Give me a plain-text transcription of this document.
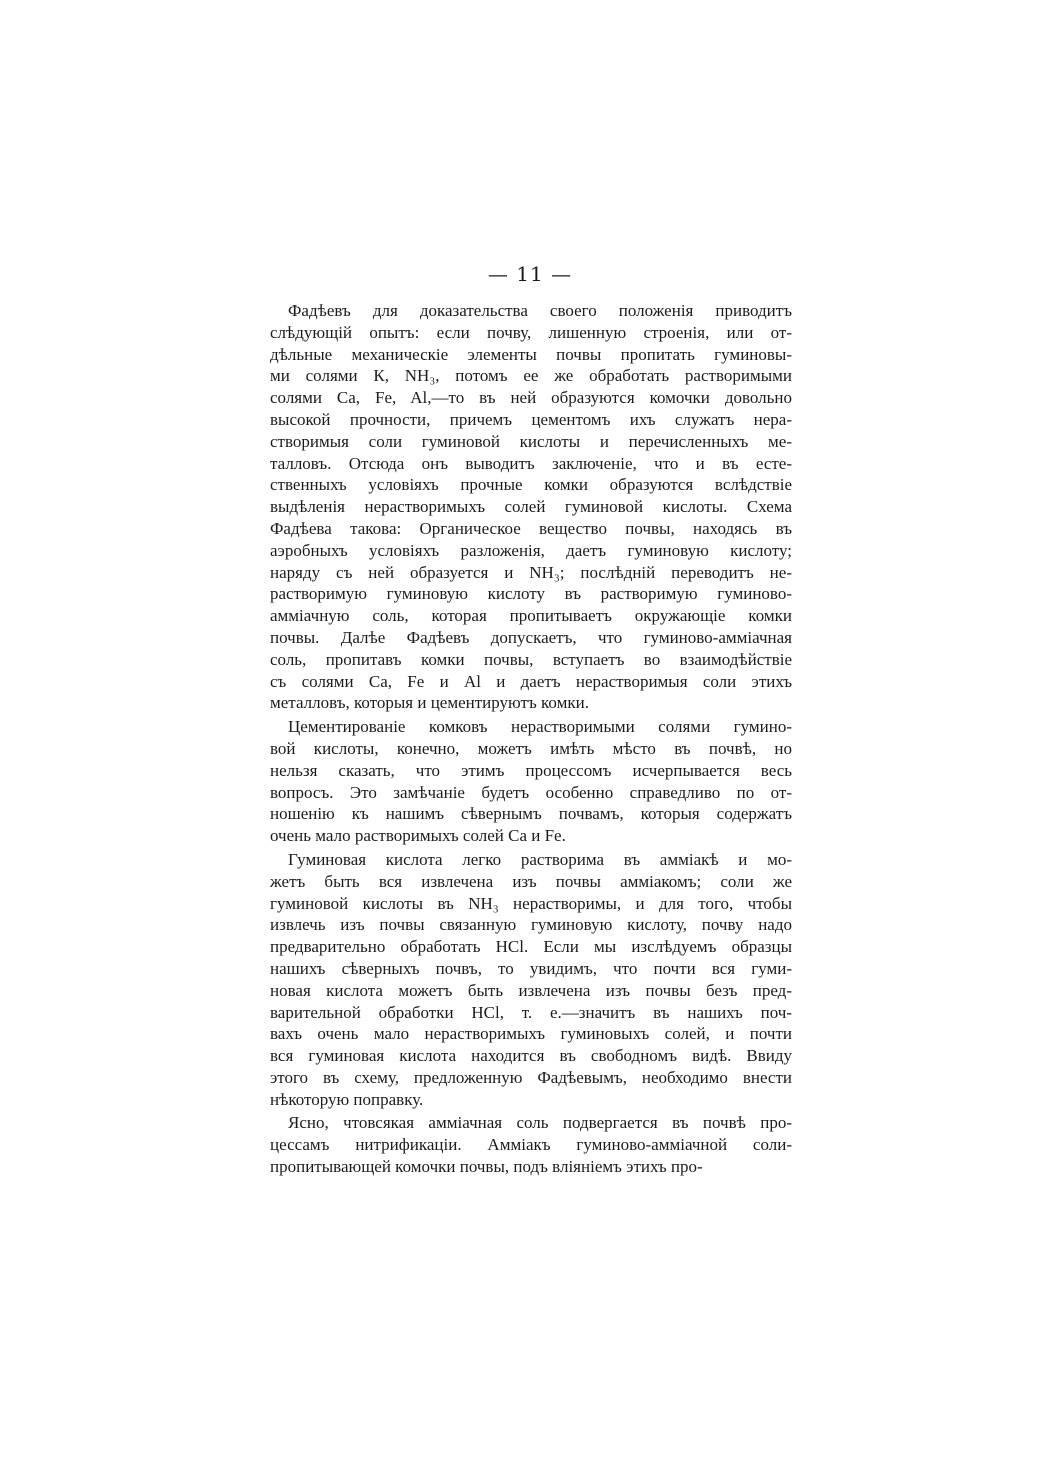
— 11 —
Фадѣевъ для доказательства своего положенія приводитъ
слѣдующій опытъ: если почву, лишенную строенія, или от-
дѣльные механическіе элементы почвы пропитать гуминовы-
ми солями К, NH₃, потомъ ее же обработать растворимыми
солями Са, Fe, Al,—то въ ней образуются комочки довольно
высокой прочности, причемъ цементомъ ихъ служатъ нера-
створимыя соли гуминовой кислоты и перечисленныхъ ме-
талловъ. Отсюда онъ выводитъ заключеніе, что и въ есте-
ственныхъ условіяхъ прочные комки образуются вслѣдствіе
выдѣленія нерастворимыхъ солей гуминовой кислоты. Схема
Фадѣева такова: Органическое вещество почвы, находясь въ
аэробныхъ условіяхъ разложенія, даетъ гуминовую кислоту;
наряду съ ней образуется и NH₃; послѣдній переводитъ не-
растворимую гуминовую кислоту въ растворимую гуминово-
аммiачную соль, которая пропитываетъ окружающіе комки
почвы. Далѣе Фадѣевъ допускаетъ, что гуминово-аммiачная
соль, пропитавъ комки почвы, вступаетъ во взаимодѣйствіе
съ солями Са, Fe и Al и даетъ нерастворимыя соли этихъ
металловъ, которыя и цементируютъ комки.
Цементированіе комковъ нерастворимыми солями гумино-
вой кислоты, конечно, можетъ имѣть мѣсто въ почвѣ, но
нельзя сказать, что этимъ процессомъ исчерпывается весь
вопросъ. Это замѣчаніе будетъ особенно справедливо по от-
ношенію къ нашимъ сѣвернымъ почвамъ, которыя содержатъ
очень мало растворимыхъ солей Са и Fe.
Гуминовая кислота легко растворима въ амміакѣ и мо-
жетъ быть вся извлечена изъ почвы амміакомъ; соли же
гуминовой кислоты въ NH₃ нерастворимы, и для того, чтобы
извлечь изъ почвы связанную гуминовую кислоту, почву надо
предварительно обработать HCl. Если мы изслѣдуемъ образцы
нашихъ сѣверныхъ почвъ, то увидимъ, что почти вся гуми-
новая кислота можетъ быть извлечена изъ почвы безъ пред-
варительной обработки HCl, т. е.—значитъ въ нашихъ поч-
вахъ очень мало нерастворимыхъ гуминовыхъ солей, и почти
вся гуминовая кислота находится въ свободномъ видѣ. Ввиду
этого въ схему, предложенную Фадѣевымъ, необходимо внести
нѣкоторую поправку.
Ясно, чтовсякая амміачная соль подвергается въ почвѣ про-
цессамъ нитрификаціи. Амміакъ гуминово-амміачной соли-
пропитывающей комочки почвы, подъ вліяніемъ этихъ про-
